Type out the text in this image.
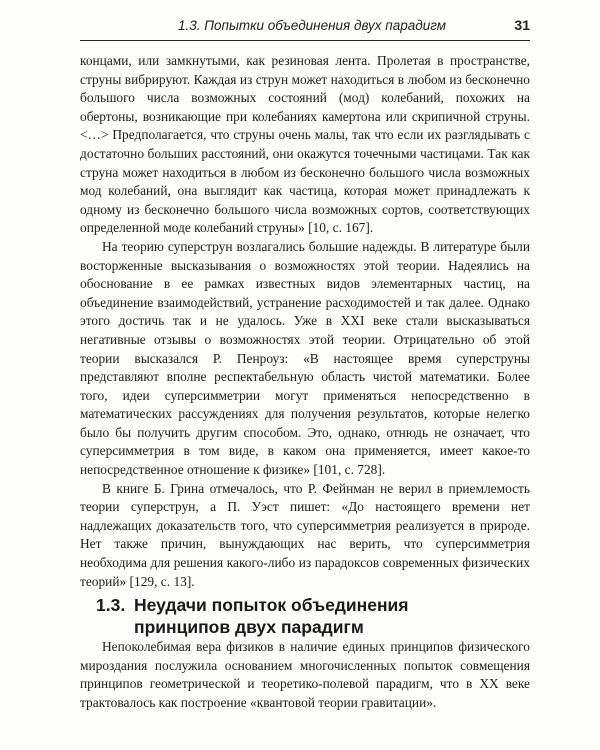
1.3. Попытки объединения двух парадигм	31

концами, или замкнутыми, как резиновая лента. Пролетая в пространстве, струны вибрируют. Каждая из струн может находиться в любом из бесконечно большого числа возможных состояний (мод) колебаний, похожих на обертоны, возникающие при колебаниях камертона или скрипичной струны. <…> Предполагается, что струны очень малы, так что если их разглядывать с достаточно больших расстояний, они окажутся точечными частицами. Так как струна может находиться в любом из бесконечно большого числа возможных мод колебаний, она выглядит как частица, которая может принадлежать к одному из бесконечно большого числа возможных сортов, соответствующих определенной моде колебаний струны» [10, с. 167].

На теорию суперструн возлагались большие надежды. В литературе были восторженные высказывания о возможностях этой теории. Надеялись на обоснование в ее рамках известных видов элементарных частиц, на объединение взаимодействий, устранение расходимостей и так далее. Однако этого достичь так и не удалось. Уже в XXI веке стали высказываться негативные отзывы о возможностях этой теории. Отрицательно об этой теории высказался Р. Пенроуз: «В настоящее время суперструны представляют вполне респектабельную область чистой математики. Более того, идеи суперсимметрии могут применяться непосредственно в математических рассуждениях для получения результатов, которые нелегко было бы получить другим способом. Это, однако, отнюдь не означает, что суперсимметрия в том виде, в каком она применяется, имеет какое-то непосредственное отношение к физике» [101, с. 728].

В книге Б. Грина отмечалось, что Р. Фейнман не верил в приемлемость теории суперструн, а П. Уэст пишет: «До настоящего времени нет надлежащих доказательств того, что суперсимметрия реализуется в природе. Нет также причин, вынуждающих нас верить, что суперсимметрия необходима для решения какого-либо из парадоксов современных физических теорий» [129, с. 13].

1.3. Неудачи попыток объединения
принципов двух парадигм

Непоколебимая вера физиков в наличие единых принципов физического мироздания послужила основанием многочисленных попыток совмещения принципов геометрической и теоретико-полевой парадигм, что в XX веке трактовалось как построение «квантовой теории гравитации».
